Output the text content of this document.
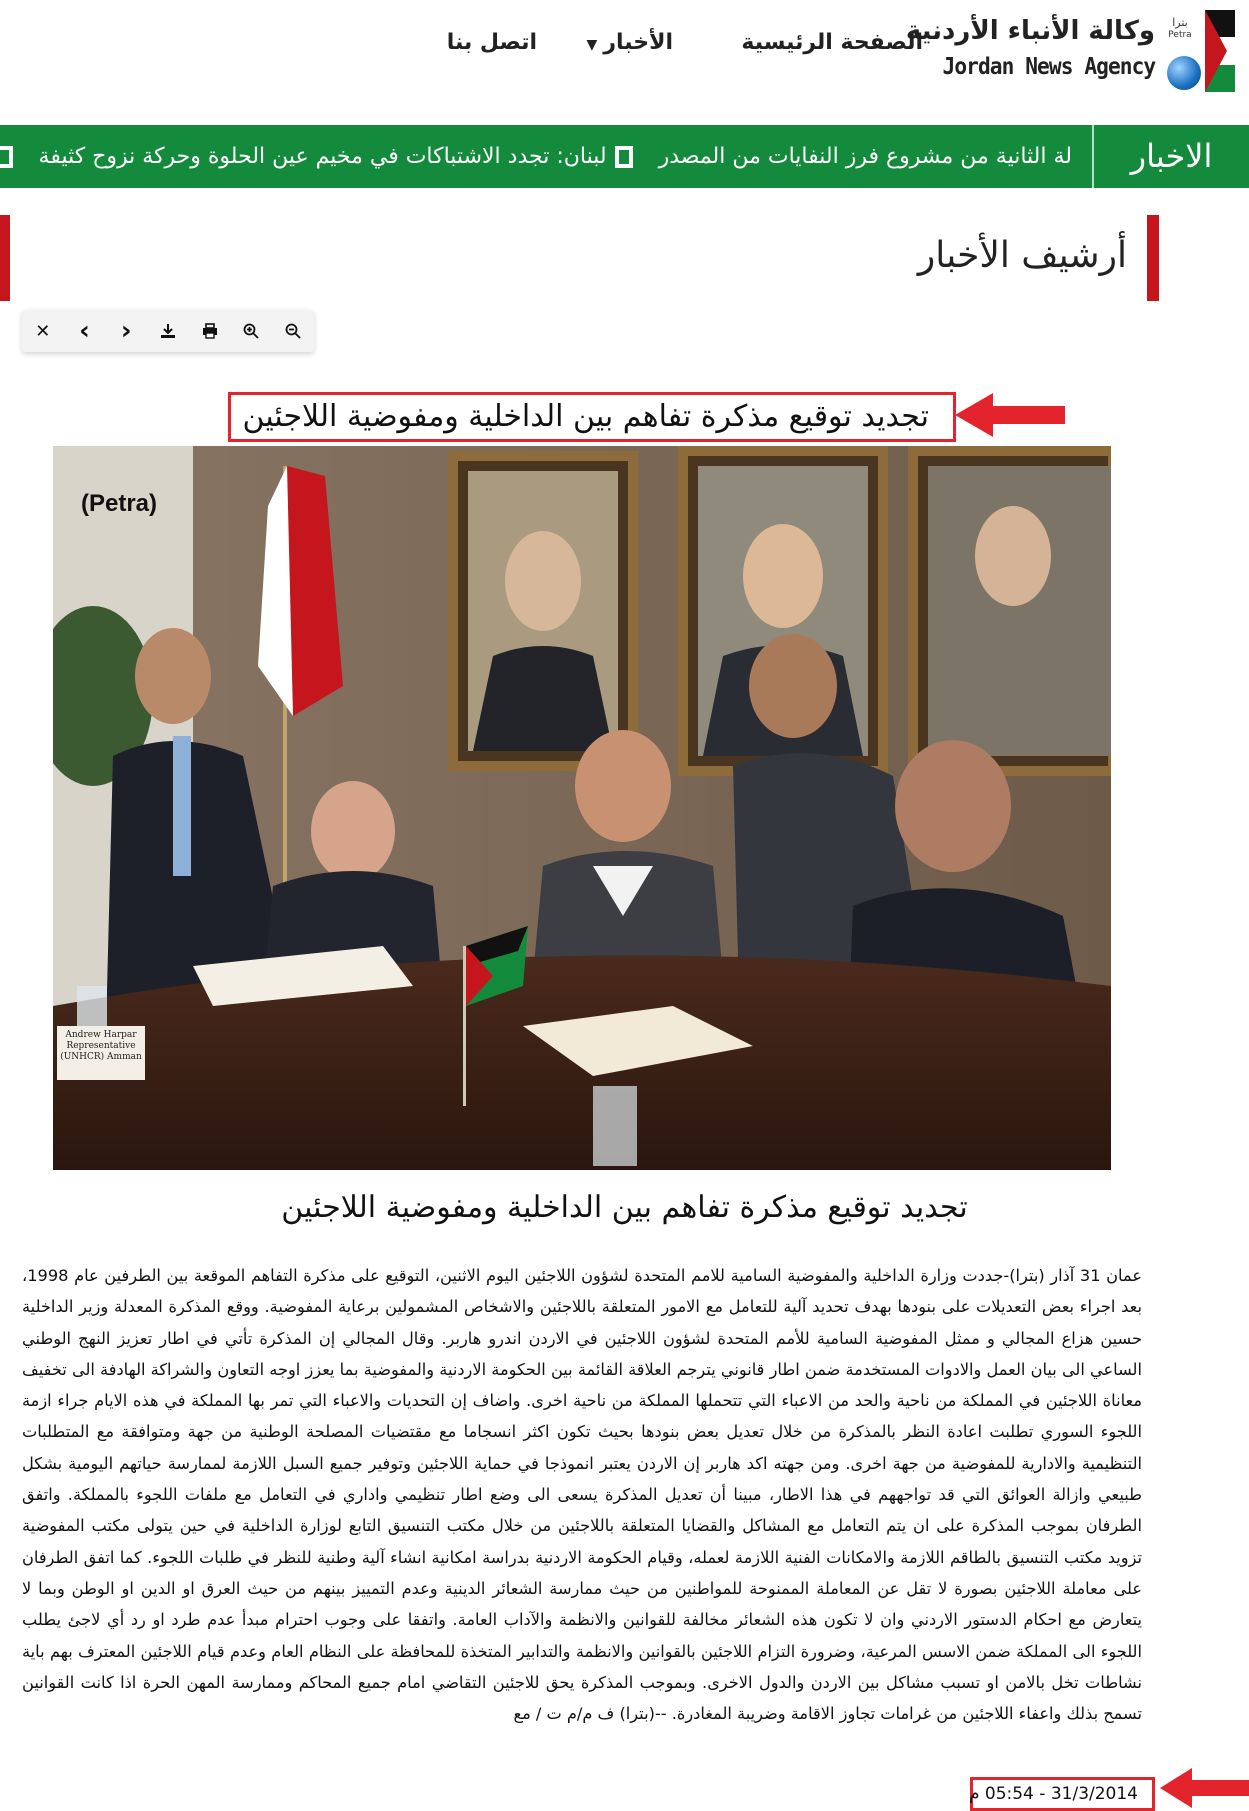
بترا
Petra
وكالة الأنباء الأردنية
Jordan News Agency
الصفحة الرئيسية
الأخبار▼
اتصل بنا
الاخبار
لة الثانية من مشروع فرز النفايات من المصدرلبنان: تجدد الاشتباكات في مخيم عين الحلوة وحركة نزوح كثيفة
أرشيف الأخبار
✕ ‹ ›
تجديد توقيع مذكرة تفاهم بين الداخلية ومفوضية اللاجئين
(Petra)
Andrew Harpar Representative (UNHCR) Amman
تجديد توقيع مذكرة تفاهم بين الداخلية ومفوضية اللاجئين

عمان 31 آذار (بترا)-جددت وزارة الداخلية والمفوضية السامية للامم المتحدة لشؤون اللاجئين اليوم الاثنين، التوقيع على مذكرة التفاهم الموقعة بين الطرفين عام 1998، بعد اجراء بعض التعديلات على بنودها بهدف تحديد آلية للتعامل مع الامور المتعلقة باللاجئين والاشخاص المشمولين برعاية المفوضية. ووقع المذكرة المعدلة وزير الداخلية حسين هزاع المجالي و ممثل المفوضية السامية للأمم المتحدة لشؤون اللاجئين في الاردن اندرو هاربر. وقال المجالي إن المذكرة تأتي في اطار تعزيز النهج الوطني الساعي الى بيان العمل والادوات المستخدمة ضمن اطار قانوني يترجم العلاقة القائمة بين الحكومة الاردنية والمفوضية بما يعزز اوجه التعاون والشراكة الهادفة الى تخفيف معاناة اللاجئين في المملكة من ناحية والحد من الاعباء التي تتحملها المملكة من ناحية اخرى. واضاف إن التحديات والاعباء التي تمر بها المملكة في هذه الايام جراء ازمة اللجوء السوري تطلبت اعادة النظر بالمذكرة من خلال تعديل بعض بنودها بحيث تكون اكثر انسجاما مع مقتضيات المصلحة الوطنية من جهة ومتوافقة مع المتطلبات التنظيمية والادارية للمفوضية من جهة اخرى. ومن جهته اكد هاربر إن الاردن يعتبر انموذجا في حماية اللاجئين وتوفير جميع السبل اللازمة لممارسة حياتهم اليومية بشكل طبيعي وازالة العوائق التي قد تواجههم في هذا الاطار، مبينا أن تعديل المذكرة يسعى الى وضع اطار تنظيمي واداري في التعامل مع ملفات اللجوء بالمملكة. واتفق الطرفان بموجب المذكرة على ان يتم التعامل مع المشاكل والقضايا المتعلقة باللاجئين من خلال مكتب التنسيق التابع لوزارة الداخلية في حين يتولى مكتب المفوضية تزويد مكتب التنسيق بالطاقم اللازمة والامكانات الفنية اللازمة لعمله، وقيام الحكومة الاردنية بدراسة امكانية انشاء آلية وطنية للنظر في طلبات اللجوء. كما اتفق الطرفان على معاملة اللاجئين بصورة لا تقل عن المعاملة الممنوحة للمواطنين من حيث ممارسة الشعائر الدينية وعدم التمييز بينهم من حيث العرق او الدين او الوطن وبما لا يتعارض مع احكام الدستور الاردني وان لا تكون هذه الشعائر مخالفة للقوانين والانظمة والآداب العامة. واتفقا على وجوب احترام مبدأ عدم طرد او رد أي لاجئ يطلب اللجوء الى المملكة ضمن الاسس المرعية، وضرورة التزام اللاجئين بالقوانين والانظمة والتدابير المتخذة للمحافظة على النظام العام وعدم قيام اللاجئين المعترف بهم باية نشاطات تخل بالامن او تسبب مشاكل بين الاردن والدول الاخرى. وبموجب المذكرة يحق للاجئين التقاضي امام جميع المحاكم وممارسة المهن الحرة اذا كانت القوانين تسمح بذلك واعفاء اللاجئين من غرامات تجاوز الاقامة وضريبة المغادرة. --(بترا) ف م/م ت / مع

31/3/2014 - 05:54 م
